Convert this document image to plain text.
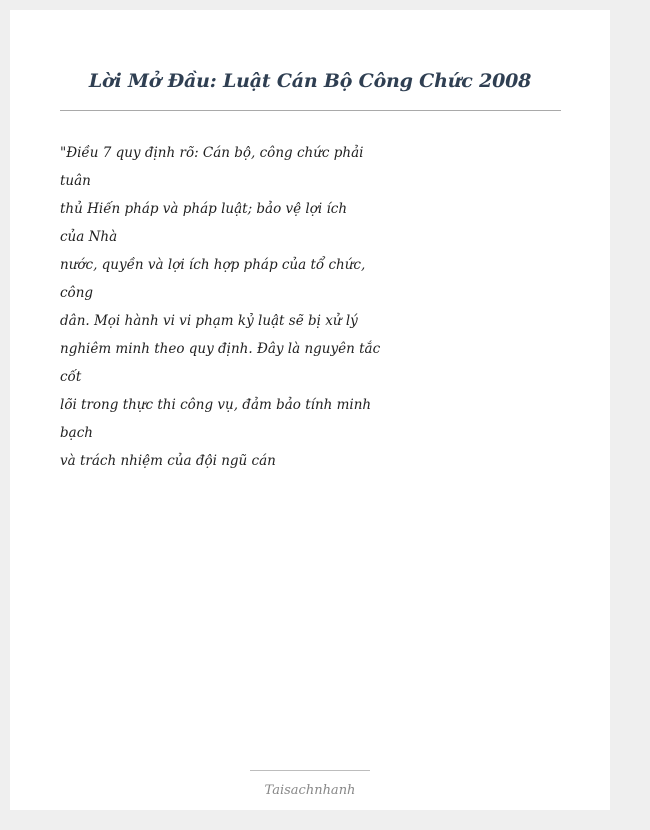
Lời Mở Đầu: Luật Cán Bộ Công Chức 2008
"Điều 7 quy định rõ: Cán bộ, công chức phải
tuân
thủ Hiến pháp và pháp luật; bảo vệ lợi ích
của Nhà
nước, quyền và lợi ích hợp pháp của tổ chức,
công
dân. Mọi hành vi vi phạm kỷ luật sẽ bị xử lý
nghiêm minh theo quy định. Đây là nguyên tắc
cốt
lõi trong thực thi công vụ, đảm bảo tính minh
bạch
và trách nhiệm của đội ngũ cán
Taisachnhanh
